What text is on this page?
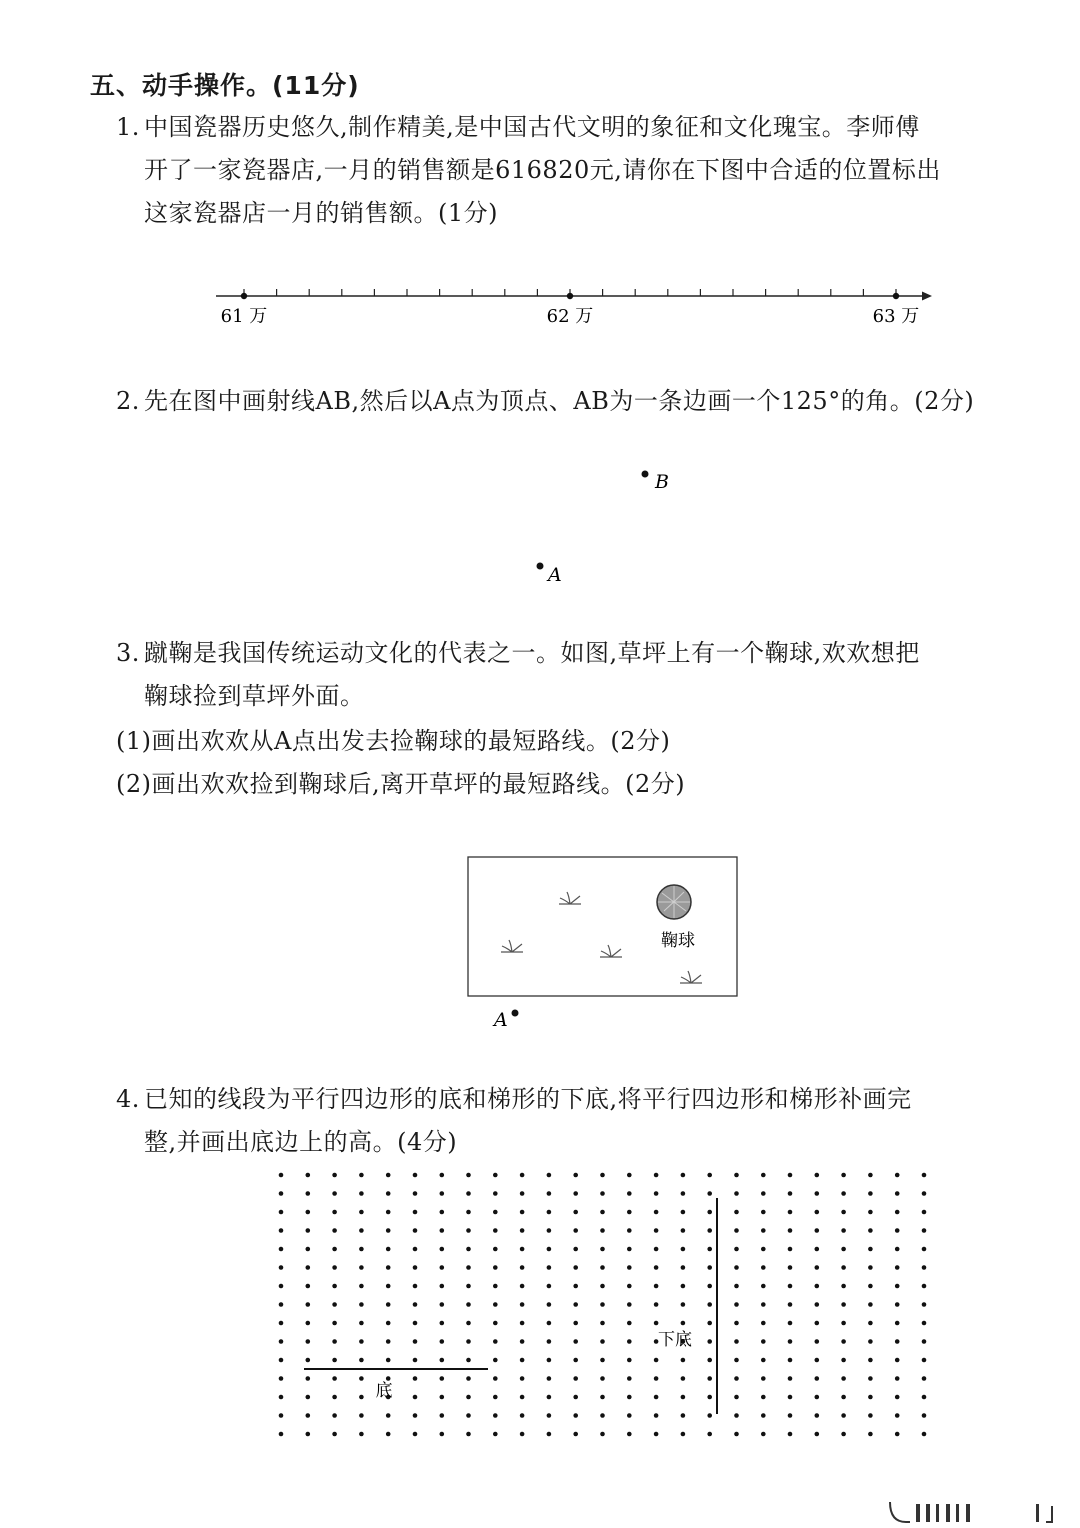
五、动手操作。(11分)
1. 中国瓷器历史悠久,制作精美,是中国古代文明的象征和文化瑰宝。李师傅
开了一家瓷器店,一月的销售额是616820元,请你在下图中合适的位置标出
这家瓷器店一月的销售额。(1分)
2. 先在图中画射线AB,然后以A点为顶点、AB为一条边画一个125°的角。(2分)
3. 蹴鞠是我国传统运动文化的代表之一。如图,草坪上有一个鞠球,欢欢想把
鞠球捡到草坪外面。
(1)画出欢欢从A点出发去捡鞠球的最短路线。(2分)
(2)画出欢欢捡到鞠球后,离开草坪的最短路线。(2分)
4. 已知的线段为平行四边形的底和梯形的下底,将平行四边形和梯形补画完
整,并画出底边上的高。(4分)
61 万	62 万	63 万
B
A
鞠球
A
底
下底
